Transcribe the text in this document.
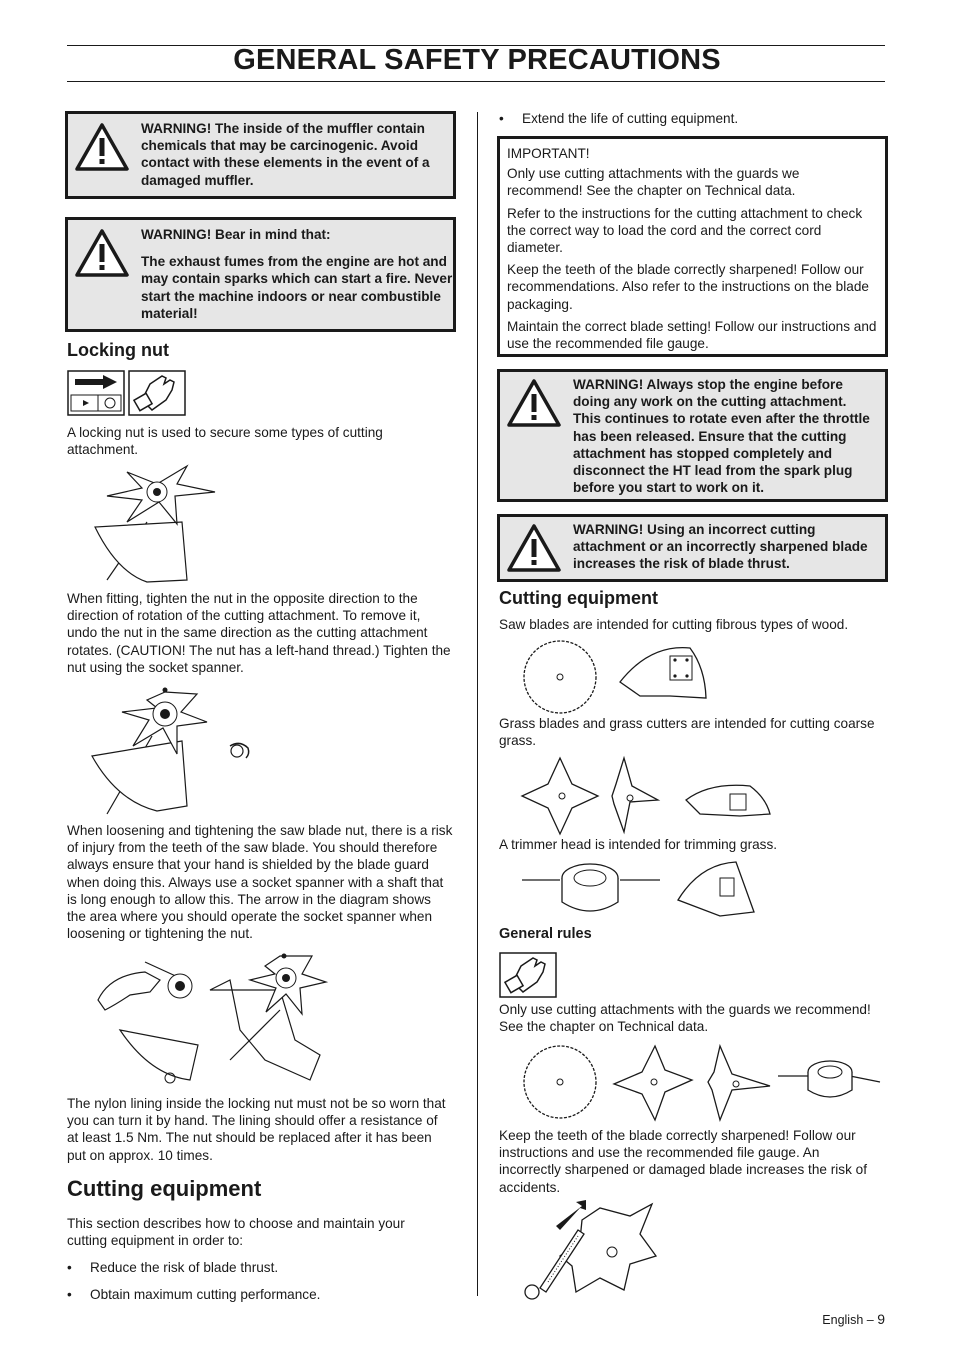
GENERAL SAFETY PRECAUTIONS
WARNING! The inside of the muffler contain chemicals that may be carcinogenic. Avoid contact with these elements in the event of a damaged muffler.
WARNING! Bear in mind that:
The exhaust fumes from the engine are hot and may contain sparks which can start a fire. Never start the machine indoors or near combustible material!
Locking nut

A locking nut is used to secure some types of cutting attachment.

When fitting, tighten the nut in the opposite direction to the direction of rotation of the cutting attachment. To remove it, undo the nut in the same direction as the cutting attachment rotates. (CAUTION! The nut has a left-hand thread.) Tighten the nut using the socket spanner.

When loosening and tightening the saw blade nut, there is a risk of injury from the teeth of the saw blade. You should therefore always ensure that your hand is shielded by the blade guard when doing this. Always use a socket spanner with a shaft that is long enough to allow this. The arrow in the diagram shows the area where you should operate the socket spanner when loosening or tightening the nut.

The nylon lining inside the locking nut must not be so worn that you can turn it by hand. The lining should offer a resistance of at least 1.5 Nm. The nut should be replaced after it has been put on approx. 10 times.

Cutting equipment

This section describes how to choose and maintain your cutting equipment in order to:

• Reduce the risk of blade thrust.
• Obtain maximum cutting performance.
• Extend the life of cutting equipment.

IMPORTANT!

Only use cutting attachments with the guards we recommend! See the chapter on Technical data.

Refer to the instructions for the cutting attachment to check the correct way to load the cord and the correct cord diameter.

Keep the teeth of the blade correctly sharpened! Follow our recommendations. Also refer to the instructions on the blade packaging.

Maintain the correct blade setting! Follow our instructions and use the recommended file gauge.

WARNING! Always stop the engine before doing any work on the cutting attachment. This continues to rotate even after the throttle has been released. Ensure that the cutting attachment has stopped completely and disconnect the HT lead from the spark plug before you start to work on it.
WARNING! Using an incorrect cutting attachment or an incorrectly sharpened blade increases the risk of blade thrust.
Cutting equipment

Saw blades are intended for cutting fibrous types of wood.

Grass blades and grass cutters are intended for cutting coarse grass.

A trimmer head is intended for trimming grass.

General rules

Only use cutting attachments with the guards we recommend! See the chapter on Technical data.

Keep the teeth of the blade correctly sharpened! Follow our instructions and use the recommended file gauge. An incorrectly sharpened or damaged blade increases the risk of accidents.

English – 9
